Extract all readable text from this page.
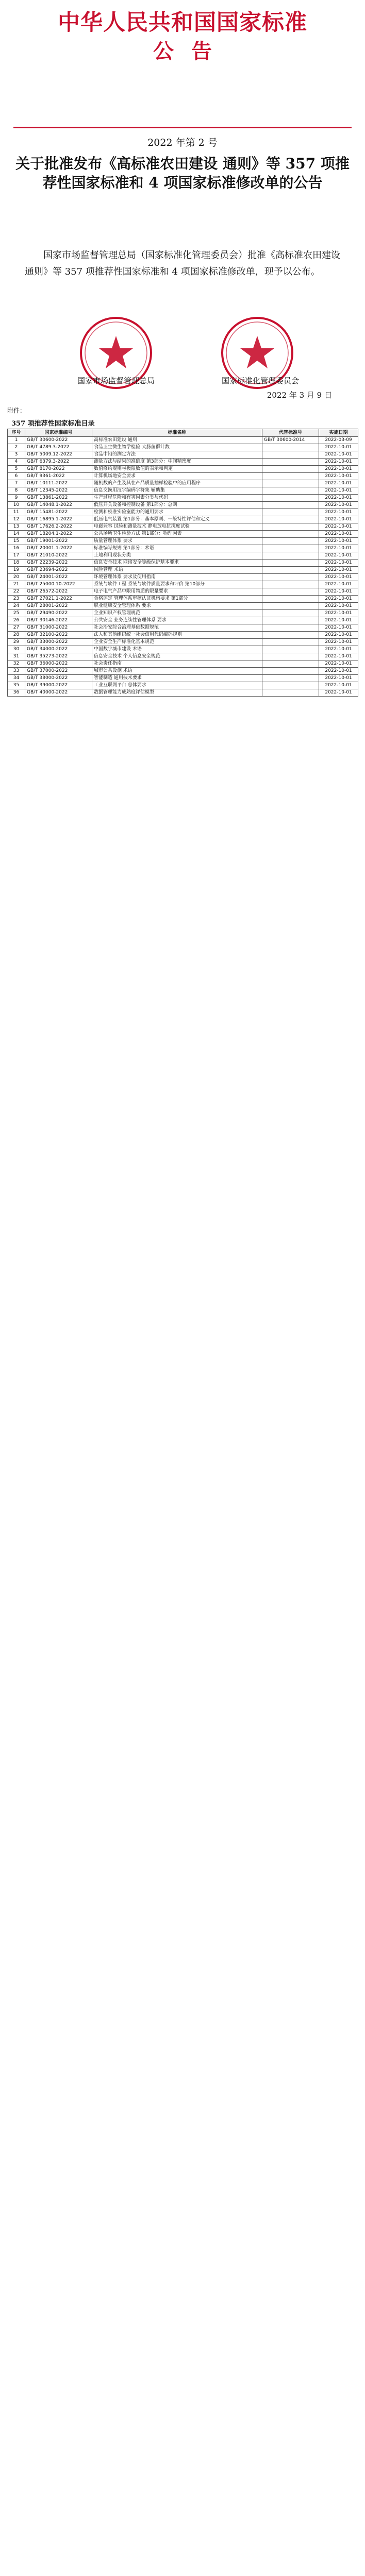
中华人民共和国国家标准
公告
2022 年第 2 号
关于批准发布《高标准农田建设 通则》等 357 项推荐性国家标准和 4 项国家标准修改单的公告

国家市场监督管理总局（国家标准化管理委员会）批准《高标准农田建设 通则》等 357 项推荐性国家标准和 4 项国家标准修改单，现予以公布。

国家市场监督管理总局	国家标准化管理委员会
2022 年 3 月 9 日
附件：
357 项推荐性国家标准目录
序号	国家标准编号	标准名称	代替标准号	实施日期
1	GB/T 30600-2022	高标准农田建设 通则	GB/T 30600-2014	2022-03-09
2	GB/T 4789.3-2022	食品卫生微生物学检验 大肠菌群计数		2022-10-01
3	GB/T 5009.12-2022	食品中铅的测定方法		2022-10-01
4	GB/T 6379.3-2022	测量方法与结果的准确度 第3部分：中间精密度		2022-10-01
5	GB/T 8170-2022	数值修约规则与极限数值的表示和判定		2022-10-01
6	GB/T 9361-2022	计算机场地安全要求		2022-10-01
7	GB/T 10111-2022	随机数的产生及其在产品质量抽样检验中的应用程序		2022-10-01
8	GB/T 12345-2022	信息交换用汉字编码字符集 辅助集		2022-10-01
9	GB/T 13861-2022	生产过程危险和有害因素分类与代码		2022-10-01
10	GB/T 14048.1-2022	低压开关设备和控制设备 第1部分：总则		2022-10-01
11	GB/T 15481-2022	检测和校准实验室能力的通用要求		2022-10-01
12	GB/T 16895.1-2022	低压电气装置 第1部分：基本原则、一般特性评估和定义		2022-10-01
13	GB/T 17626.2-2022	电磁兼容 试验和测量技术 静电放电抗扰度试验		2022-10-01
14	GB/T 18204.1-2022	公共场所卫生检验方法 第1部分：物理因素		2022-10-01
15	GB/T 19001-2022	质量管理体系 要求		2022-10-01
16	GB/T 20001.1-2022	标准编写规则 第1部分：术语		2022-10-01
17	GB/T 21010-2022	土地利用现状分类		2022-10-01
18	GB/T 22239-2022	信息安全技术 网络安全等级保护基本要求		2022-10-01
19	GB/T 23694-2022	风险管理 术语		2022-10-01
20	GB/T 24001-2022	环境管理体系 要求及使用指南		2022-10-01
21	GB/T 25000.10-2022	系统与软件工程 系统与软件质量要求和评价 第10部分		2022-10-01
22	GB/T 26572-2022	电子电气产品中限用物质的限量要求		2022-10-01
23	GB/T 27021.1-2022	合格评定 管理体系审核认证机构要求 第1部分		2022-10-01
24	GB/T 28001-2022	职业健康安全管理体系 要求		2022-10-01
25	GB/T 29490-2022	企业知识产权管理规范		2022-10-01
26	GB/T 30146-2022	公共安全 业务连续性管理体系 要求		2022-10-01
27	GB/T 31000-2022	社会治安综合治理基础数据规范		2022-10-01
28	GB/T 32100-2022	法人和其他组织统一社会信用代码编码规则		2022-10-01
29	GB/T 33000-2022	企业安全生产标准化基本规范		2022-10-01
30	GB/T 34000-2022	中国数字城市建设 术语		2022-10-01
31	GB/T 35273-2022	信息安全技术 个人信息安全规范		2022-10-01
32	GB/T 36000-2022	社会责任指南		2022-10-01
33	GB/T 37000-2022	城市公共设施 术语		2022-10-01
34	GB/T 38000-2022	智能制造 通用技术要求		2022-10-01
35	GB/T 39000-2022	工业互联网平台 总体要求		2022-10-01
36	GB/T 40000-2022	数据管理能力成熟度评估模型		2022-10-01
